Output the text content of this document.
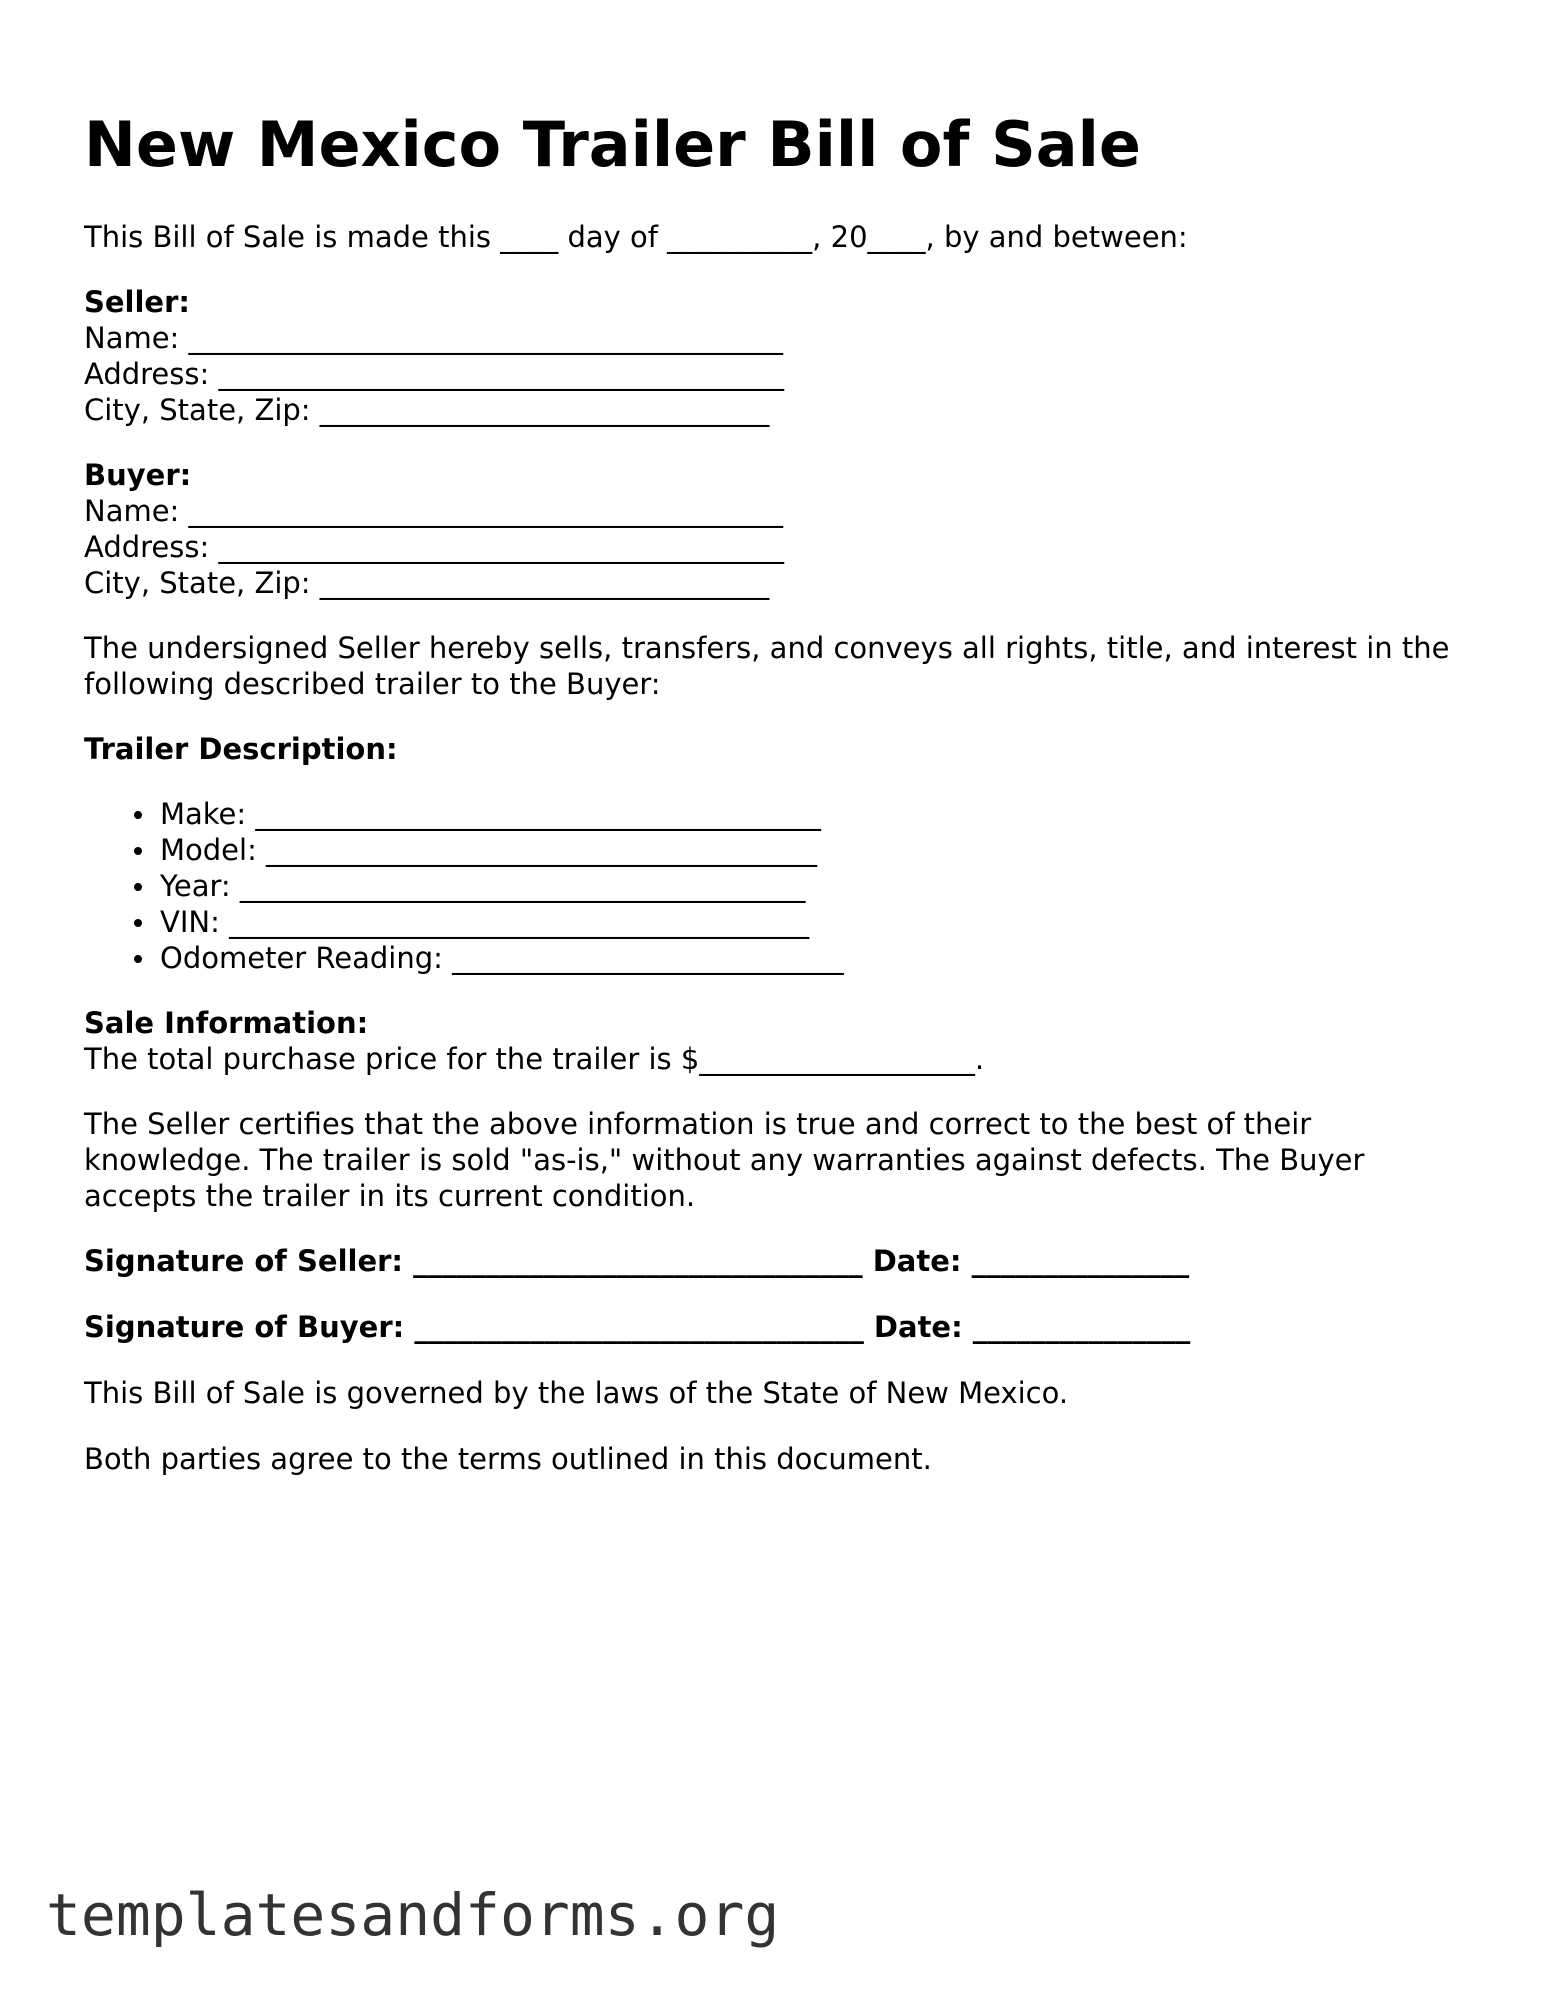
New Mexico Trailer Bill of Sale

This Bill of Sale is made this ____ day of __________, 20____, by and between:

Seller:

Name: _________________________________________

Address: _______________________________________

City, State, Zip: _______________________________

Buyer:

Name: _________________________________________

Address: _______________________________________

City, State, Zip: _______________________________

The undersigned Seller hereby sells, transfers, and conveys all rights, title, and interest in the following described trailer to the Buyer:

Trailer Description:

Make: _______________________________________
Model: ______________________________________
Year: _______________________________________
VIN: ________________________________________
Odometer Reading: ___________________________

Sale Information:

The total purchase price for the trailer is $___________________.

The Seller certifies that the above information is true and correct to the best of their knowledge. The trailer is sold "as-is," without any warranties against defects. The Buyer accepts the trailer in its current condition.

Signature of Seller: _______________________________ Date: _______________

Signature of Buyer: _______________________________ Date: _______________

This Bill of Sale is governed by the laws of the State of New Mexico.

Both parties agree to the terms outlined in this document.

templatesandforms.org
